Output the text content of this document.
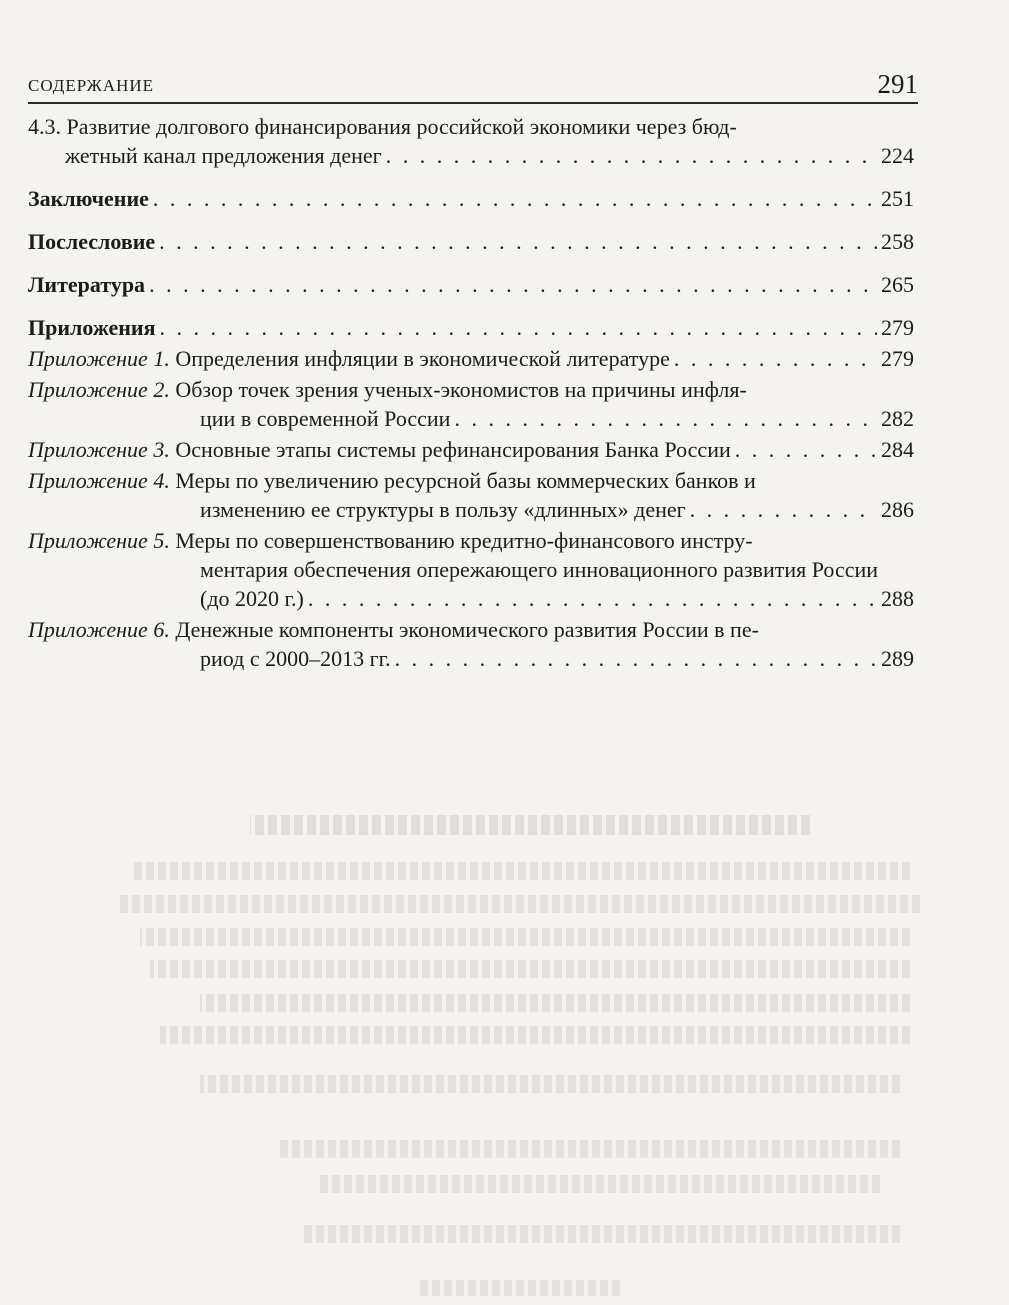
СОДЕРЖАНИЕ	291
4.3. Развитие долгового финансирования российской экономики через бюд-
жетный канал предложения денег . . .	224
Заключение . . .	251
Послесловие . . .	258
Литература . . .	265
Приложения . . .	279
Приложение 1. Определения инфляции в экономической литературе . . .	279
Приложение 2. Обзор точек зрения ученых-экономистов на причины инфля-
ции в современной России . . .	282
Приложение 3. Основные этапы системы рефинансирования Банка России . . .	284
Приложение 4. Меры по увеличению ресурсной базы коммерческих банков и
изменению ее структуры в пользу «длинных» денег . . .	286
Приложение 5. Меры по совершенствованию кредитно-финансового инстру-
ментария обеспечения опережающего инновационного развития России
(до 2020 г.) . . .	288
Приложение 6. Денежные компоненты экономического развития России в пе-
риод с 2000–2013 гг. . . .	289
